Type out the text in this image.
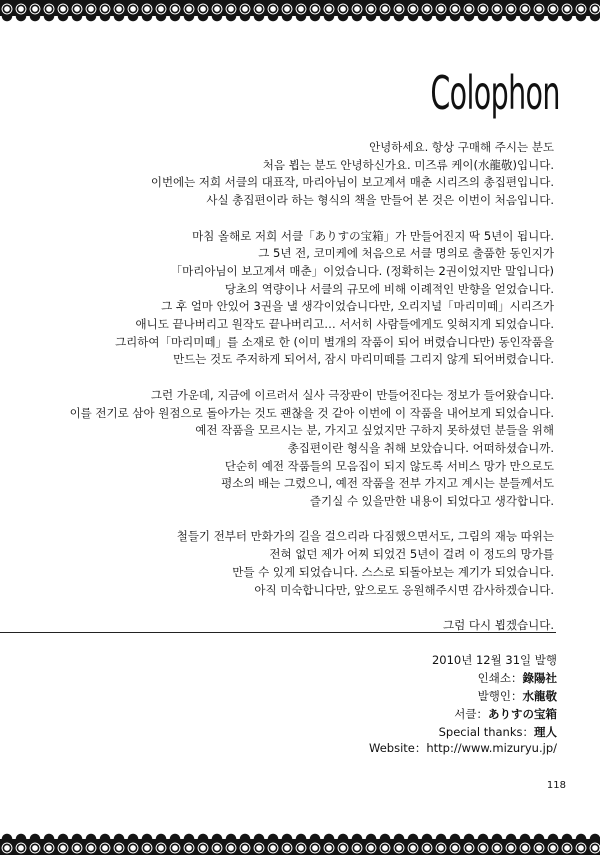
Colophon

안녕하세요. 항상 구매해 주시는 분도

처음 뵙는 분도 안녕하신가요. 미즈류 케이(水龍敬)입니다.

이번에는 저희 서클의 대표작, 마리아님이 보고계셔 매춘 시리즈의 총집편입니다.

사실 총집편이라 하는 형식의 책을 만들어 본 것은 이번이 처음입니다.

마침 올해로 저희 서클「ありすの宝箱」가 만들어진지 딱 5년이 됩니다.

그 5년 전, 코미케에 처음으로 서클 명의로 출품한 동인지가

「마리아님이 보고계셔 매춘」이었습니다. (정확히는 2권이었지만 말입니다)

당초의 역량이나 서클의 규모에 비해 이례적인 반향을 얻었습니다.

그 후 얼마 안있어 3권을 낼 생각이었습니다만, 오리지널「마리미떼」시리즈가

애니도 끝나버리고 원작도 끝나버리고… 서서히 사람들에게도 잊혀지게 되었습니다.

그리하여「마리미떼」를 소재로 한 (이미 별개의 작품이 되어 버렸습니다만) 동인작품을

만드는 것도 주저하게 되어서, 잠시 마리미떼를 그리지 않게 되어버렸습니다.

그런 가운데, 지금에 이르러서 실사 극장판이 만들어진다는 정보가 들어왔습니다.

이를 전기로 삼아 원점으로 돌아가는 것도 괜찮을 것 같아 이번에 이 작품을 내어보게 되었습니다.

예전 작품을 모르시는 분, 가지고 싶었지만 구하지 못하셨던 분들을 위해

총집편이란 형식을 취해 보았습니다. 어떠하셨습니까.

단순히 예전 작품들의 모음집이 되지 않도록 서비스 망가 만으로도

평소의 배는 그렸으니, 예전 작품을 전부 가지고 계시는 분들께서도

즐기실 수 있을만한 내용이 되었다고 생각합니다.

철들기 전부터 만화가의 길을 걸으리라 다짐했으면서도, 그림의 재능 따위는

전혀 없던 제가 어찌 되었건 5년이 걸려 이 정도의 망가를

만들 수 있게 되었습니다. 스스로 되돌아보는 계기가 되었습니다.

아직 미숙합니다만, 앞으로도 응원해주시면 감사하겠습니다.

그럼 다시 뵙겠습니다.

2010년 12월 31일 발행
인쇄소：錄陽社
발행인：水龍敬
서클：ありすの宝箱
Special thanks：理人
Website：http://www.mizuryu.jp/
118
